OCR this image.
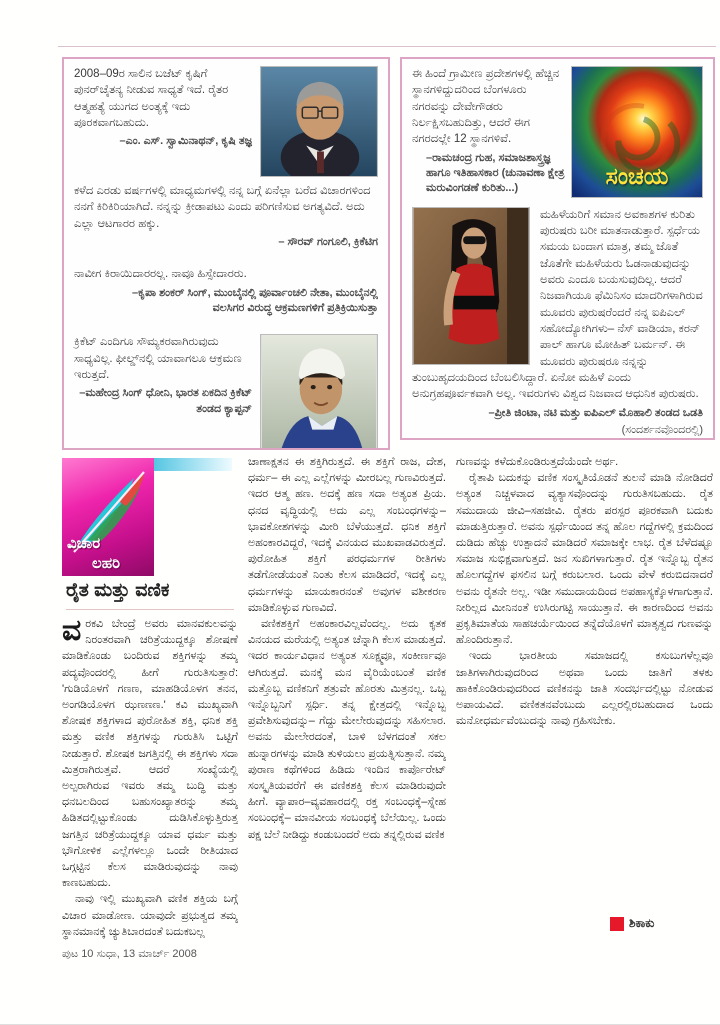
2008–09ರ ಸಾಲಿನ ಬಜೆಟ್ ಕೃಷಿಗೆ ಪುನರ್‌ಚೈತನ್ಯ ನೀಡುವ ಸಾಧ್ಯತೆ ಇದೆ. ರೈತರ ಆತ್ಮಹತ್ಯೆ ಯುಗದ ಅಂತ್ಯಕ್ಕೆ ಇದು ಪೂರಕವಾಗಬಹುದು.

–ಎಂ. ಎಸ್. ಸ್ವಾಮಿನಾಥನ್, ಕೃಷಿ ತಜ್ಞ

ಕಳೆದ ಎರಡು ವರ್ಷಗಳಲ್ಲಿ ಮಾಧ್ಯಮಗಳಲ್ಲಿ ನನ್ನ ಬಗ್ಗೆ ಏನೆಲ್ಲಾ ಬರೆದ ವಿಚಾರಗಳಿಂದ ನನಗೆ ಕಿರಿಕಿರಿಯಾಗಿದೆ. ನನ್ನನ್ನು ಕ್ರೀಡಾಪಟು ಎಂದು ಪರಿಗಣಿಸುವ ಅಗತ್ಯವಿದೆ. ಅದು ಎಲ್ಲಾ ಆಟಗಾರರ ಹಕ್ಕು.

– ಸೌರವ್ ಗಂಗೂಲಿ, ಕ್ರಿಕೆಟಿಗ

ನಾವೀಗ ಕಿರಾಯಿದಾರರಲ್ಲ. ನಾವೂ ಹಿಸ್ಸೇದಾರರು.

–ಕೃಪಾ ಶಂಕರ್ ಸಿಂಗ್, ಮುಂಬೈನಲ್ಲಿ ಪೂರ್ವಾಂಚಲಿ ನೇತಾ, ಮುಂಬೈನಲ್ಲಿ ವಲಸಿಗರ ವಿರುದ್ಧ ಆಕ್ರಮಣಗಳಿಗೆ ಪ್ರತಿಕ್ರಿಯಿಸುತ್ತಾ

ಕ್ರಿಕೆಟ್ ಎಂದಿಗೂ ಸೌಮ್ಯಕರವಾಗಿರುವುದು ಸಾಧ್ಯವಿಲ್ಲ. ಫೀಲ್ಡ್‌ನಲ್ಲಿ ಯಾವಾಗಲೂ ಆಕ್ರಮಣ ಇರುತ್ತದೆ.

–ಮಹೇಂದ್ರ ಸಿಂಗ್ ಧೋನಿ, ಭಾರತ ಏಕದಿನ ಕ್ರಿಕೆಟ್ ತಂಡದ ಕ್ಯಾಪ್ಟನ್
ಸಂಚಯ

ಈ ಹಿಂದೆ ಗ್ರಾಮೀಣ ಪ್ರದೇಶಗಳಲ್ಲಿ ಹೆಚ್ಚಿನ ಸ್ಥಾನಗಳಿದ್ದುದರಿಂದ ಬೆಂಗಳೂರು ನಗರವನ್ನು ದೇವೇಗೌಡರು ನಿರ್ಲಕ್ಷಿಸಬಹುದಿತ್ತು, ಆದರೆ ಈಗ ನಗರದಲ್ಲೇ 12 ಸ್ಥಾನಗಳಿವೆ.

–ರಾಮಚಂದ್ರ ಗುಹ, ಸಮಾಜಶಾಸ್ತ್ರಜ್ಞ ಹಾಗೂ ಇತಿಹಾಸಕಾರ (ಚುನಾವಣಾ ಕ್ಷೇತ್ರ ಮರುವಿಂಗಡಣೆ ಕುರಿತು...)

ಮಹಿಳೆಯರಿಗೆ ಸಮಾನ ಅವಕಾಶಗಳ ಕುರಿತು ಪುರುಷರು ಬರೀ ಮಾತನಾಡುತ್ತಾರೆ. ಸ್ಪರ್ಧೆಯ ಸಮಯ ಬಂದಾಗ ಮಾತ್ರ, ತಮ್ಮ ಜೊತೆ ಜೊತೆಗೇ ಮಹಿಳೆಯರು ಓಡನಾಡುವುದನ್ನು ಅವರು ಎಂದೂ ಬಯಸುವುದಿಲ್ಲ. ಆದರೆ ನಿಜವಾಗಿಯೂ ಫೆಮಿನಿಸಂ ಮಾದರಿಗಳಾಗಿರುವ ಮೂವರು ಪುರುಷರೆಂದರೆ ನನ್ನ ಐಪಿಎಲ್ ಸಹೋದ್ಯೋಗಿಗಳು– ನೆಸ್ ವಾಡಿಯಾ, ಕರನ್ ಪಾಲ್ ಹಾಗೂ ಮೋಹಿತ್ ಬರ್ಮನ್. ಈ ಮೂವರು ಪುರುಷರೂ ನನ್ನನ್ನು ತುಂಬುಹೃದಯದಿಂದ ಬೆಂಬಲಿಸಿದ್ದಾರೆ. ಏನೋ ಮಹಿಳೆ ಎಂದು ಅನುಗ್ರಹಪೂರ್ವಕವಾಗಿ ಅಲ್ಲ. ಇವರುಗಳು ವಿಶ್ವದ ನಿಜವಾದ ಆಧುನಿಕ ಪುರುಷರು.

–ಪ್ರೀತಿ ಜಿಂಟಾ, ನಟಿ ಮತ್ತು ಐಪಿಎಲ್ ಮೊಹಾಲಿ ತಂಡದ ಒಡತಿ
(ಸಂದರ್ಶನವೊಂದರಲ್ಲಿ)
ವಿಚಾರ
ಲಹರಿ
ರೈತ ಮತ್ತು ವಣಿಕ

ವರಕವಿ ಬೇಂದ್ರೆ ಅವರು ಮಾನವಕುಲವನ್ನು ನಿರಂತರವಾಗಿ ಚರಿತ್ರೆಯುದ್ದಕ್ಕೂ ಶೋಷಣೆ ಮಾಡಿಕೊಂಡು ಬಂದಿರುವ ಶಕ್ತಿಗಳನ್ನು ತಮ್ಮ ಪದ್ಯವೊಂದರಲ್ಲಿ ಹೀಗೆ ಗುರುತಿಸುತ್ತಾರೆ: 'ಗುಡಿಯೊಳಗೆ ಗಣಣ, ಮಾಹಡಿಯೊಳಗ ತನನ, ಅಂಗಡಿಯೊಳಗ ಝಣಣಣ.' ಕವಿ ಮುಖ್ಯವಾಗಿ ಶೋಷಕ ಶಕ್ತಿಗಳಾದ ಪುರೋಹಿತ ಶಕ್ತಿ, ಧನಿಕ ಶಕ್ತಿ ಮತ್ತು ವಣಿಕ ಶಕ್ತಿಗಳನ್ನು ಗುರುತಿಸಿ ಒಟ್ಟಿಗೆ ನೀಡುತ್ತಾರೆ. ಶೋಷಕ ಜಗತ್ತಿನಲ್ಲಿ ಈ ಶಕ್ತಿಗಳು ಸದಾ ಮಿತ್ರರಾಗಿರುತ್ತವೆ. ಆದರೆ ಸಂಖ್ಯೆಯಲ್ಲಿ ಅಲ್ಪರಾಗಿರುವ ಇವರು ತಮ್ಮ ಬುದ್ಧಿ ಮತ್ತು ಧನಬಲದಿಂದ ಬಹುಸಂಖ್ಯಾತರನ್ನು ತಮ್ಮ ಹಿಡಿತದಲ್ಲಿಟ್ಟುಕೊಂಡು ದುಡಿಸಿಕೊಳ್ಳುತ್ತಿರುತ್ತ ಜಗತ್ತಿನ ಚರಿತ್ರೆಯುದ್ದಕ್ಕೂ ಯಾವ ಧರ್ಮ ಮತ್ತು ಭೌಗೋಳಿಕ ಎಲ್ಲೆಗಳಲ್ಲೂ ಒಂದೇ ರೀತಿಯಾದ ಒಗ್ಗಟ್ಟಿನ ಕೆಲಸ ಮಾಡಿರುವುದನ್ನು ನಾವು ಕಾಣಬಹುದು.

ನಾವು ಇಲ್ಲಿ ಮುಖ್ಯವಾಗಿ ವಣಿಕ ಶಕ್ತಿಯ ಬಗ್ಗೆ ವಿಚಾರ ಮಾಡೋಣ. ಯಾವುದೇ ಪ್ರಭುತ್ವದ ತಮ್ಮ ಸ್ಥಾನಮಾನಕ್ಕೆ ಚ್ಯುತಿಬಾರದಂತೆ ಬದುಕಬಲ್ಲ

ಚಾಣಾಕ್ಷತನ ಈ ಶಕ್ತಿಗಿರುತ್ತದೆ. ಈ ಶಕ್ತಿಗೆ ರಾಜ, ದೇಶ, ಧರ್ಮ– ಈ ಎಲ್ಲ ಎಲ್ಲೆಗಳನ್ನು ಮೀರಬಲ್ಲ ಗುಣವಿರುತ್ತದೆ. ಇದರ ಆತ್ಮ ಹಣ. ಅದಕ್ಕೆ ಹಣ ಸದಾ ಅತ್ಯಂತ ಪ್ರಿಯ. ಧನದ ವೃದ್ಧಿಯಲ್ಲಿ ಅದು ಎಲ್ಲ ಸಂಬಂಧಗಳನ್ನು– ಭಾವಕೋಶಗಳನ್ನು ಮೀರಿ ಬೆಳೆಯುತ್ತದೆ. ಧನಿಕ ಶಕ್ತಿಗೆ ಅಹಂಕಾರವಿದ್ದರೆ, ಇದಕ್ಕೆ ವಿನಯದ ಮುಖವಾಡವಿರುತ್ತದೆ. ಪುರೋಹಿತ ಶಕ್ತಿಗೆ ಪರಧರ್ಮಗಳ ರೀತಿಗಳು ತಡೆಗೋಡೆಯಂತೆ ನಿಂತು ಕೆಲಸ ಮಾಡಿದರೆ, ಇದಕ್ಕೆ ಎಲ್ಲ ಧರ್ಮಗಳನ್ನು ಮಾಯಕಾರನಂತೆ ಅವುಗಳ ವಶೀಕರಣ ಮಾಡಿಕೊಳ್ಳುವ ಗುಣವಿದೆ.

ವಣಿಕಶಕ್ತಿಗೆ ಅಹಂಕಾರವಿಲ್ಲವೆಂದಲ್ಲ. ಅದು ಕೃತಕ ವಿನಯದ ಮರೆಯಲ್ಲಿ ಅತ್ಯಂತ ಚೆನ್ನಾಗಿ ಕೆಲಸ ಮಾಡುತ್ತದೆ. ಇದರ ಕಾರ್ಯವಿಧಾನ ಅತ್ಯಂತ ಸೂಕ್ಷ್ಮವೂ, ಸಂಕೀರ್ಣವೂ ಆಗಿರುತ್ತದೆ. ಮನಕ್ಕೆ ಮನ ವೈರಿಯೆಂಬಂತೆ ವಣಿಕ ಮತ್ತೊಬ್ಬ ವಣಿಕನಿಗೆ ಶತ್ರುವೇ ಹೊರತು ಮಿತ್ರನಲ್ಲ. ಒಬ್ಬ ಇನ್ನೊಬ್ಬನಿಗೆ ಸ್ಪರ್ಧಿ. ತನ್ನ ಕ್ಷೇತ್ರದಲ್ಲಿ ಇನ್ನೊಬ್ಬ ಪ್ರವೇಶಿಸುವುದನ್ನು– ಗೆದ್ದು ಮೇಲೇರುವುದನ್ನು ಸಹಿಸಲಾರ. ಅವನು ಮೇಲೇರದಂತೆ, ಬಾಳಿ ಬೆಳಗದಂತೆ ಸಕಲ ಹುನ್ನಾರಗಳನ್ನು ಮಾಡಿ ತುಳಿಯಲು ಪ್ರಯತ್ನಿಸುತ್ತಾನೆ. ನಮ್ಮ ಪುರಾಣ ಕಥೆಗಳಿಂದ ಹಿಡಿದು ಇಂದಿನ ಕಾರ್ಪೊರೇಟ್ ಸಂಸ್ಕೃತಿಯವರೆಗೆ ಈ ವಣಿಕಶಕ್ತಿ ಕೆಲಸ ಮಾಡಿರುವುದೇ ಹೀಗೆ. ವ್ಯಾಪಾರ–ವ್ಯವಹಾರದಲ್ಲಿ ರಕ್ತ ಸಂಬಂಧಕ್ಕೆ–ಸ್ನೇಹ ಸಂಬಂಧಕ್ಕೆ– ಮಾನವೀಯ ಸಂಬಂಧಕ್ಕೆ ಬೆಲೆಯಿಲ್ಲ. ಒಂದು ಪಕ್ಷ ಬೆಲೆ ನೀಡಿದ್ದು ಕಂಡುಬಂದರೆ ಅದು ತನ್ನಲ್ಲಿರುವ ವಣಿಕ

ಗುಣವನ್ನು ಕಳೆದುಕೊಂಡಿರುತ್ತದೆಯೆಂದೇ ಅರ್ಥ.

ರೈತಾಪಿ ಬದುಕನ್ನು ವಣಿಕ ಸಂಸ್ಕೃತಿಯೊಡನೆ ತುಲನೆ ಮಾಡಿ ನೋಡಿದರೆ ಅತ್ಯಂತ ನಿಚ್ಚಳವಾದ ವ್ಯತ್ಯಾಸವೊಂದನ್ನು ಗುರುತಿಸಬಹುದು. ರೈತ ಸಮುದಾಯ ಜೀವಿ–ಸಹಜೀವಿ. ರೈತರು ಪರಸ್ಪರ ಪೂರಕವಾಗಿ ಬದುಕು ಮಾಡುತ್ತಿರುತ್ತಾರೆ. ಅವನು ಸ್ಪರ್ಧೆಯಿಂದ ತನ್ನ ಹೊಲ ಗದ್ದೆಗಳಲ್ಲಿ ಕ್ರಮದಿಂದ ದುಡಿದು ಹೆಚ್ಚು ಉತ್ಪಾದನೆ ಮಾಡಿದರೆ ಸಮಾಜಕ್ಕೇ ಲಾಭ. ರೈತ ಬೆಳೆದಷ್ಟೂ ಸಮಾಜ ಸುಭಿಕ್ಷವಾಗುತ್ತದೆ. ಜನ ಸುಖಿಗಳಾಗುತ್ತಾರೆ. ರೈತ ಇನ್ನೊಬ್ಬ ರೈತನ ಹೊಲಗದ್ದೆಗಳ ಫಸಲಿನ ಬಗ್ಗೆ ಕರುಬಲಾರ. ಒಂದು ವೇಳೆ ಕರುಬಿದನಾದರೆ ಅವನು ರೈತನೇ ಅಲ್ಲ. ಇಡೀ ಸಮುದಾಯದಿಂದ ಅಪಹಾಸ್ಯಕ್ಕೊಳಗಾಗುತ್ತಾನೆ. ನೀರಿಲ್ಲದ ಮೀನಿನಂತೆ ಉಸಿರುಗಟ್ಟಿ ಸಾಯುತ್ತಾನೆ. ಈ ಕಾರಣದಿಂದ ಅವನು ಪ್ರಕೃತಿಮಾತೆಯ ಸಾಹಚರ್ಯೆಯಿಂದ ತನ್ನೆದೆಯೊಳಗೆ ಮಾತೃತ್ವದ ಗುಣವನ್ನು ಹೊಂದಿರುತ್ತಾನೆ.

ಇಂದು ಭಾರತೀಯ ಸಮಾಜದಲ್ಲಿ ಕಸುಬುಗಳೆಲ್ಲವೂ ಜಾತಿಗಳಾಗಿರುವುದರಿಂದ ಅಥವಾ ಒಂದು ಜಾತಿಗೆ ತಳಕು ಹಾಕಿಕೊಂಡಿರುವುದರಿಂದ ವಣಿಕನನ್ನು ಜಾತಿ ಸಂದರ್ಭದಲ್ಲಿಟ್ಟು ನೋಡುವ ಅಪಾಯವಿದೆ. ವಣಿಕತನವೆಂಬುದು ಎಲ್ಲರಲ್ಲಿರಬಹುದಾದ ಒಂದು ಮನೋಧರ್ಮವೆಂಬುದನ್ನು ನಾವು ಗ್ರಹಿಸಬೇಕು.

ಶಿಕಾಕು
ಪುಟ 10 ಸುಧಾ, 13 ಮಾರ್ಚ್ 2008
